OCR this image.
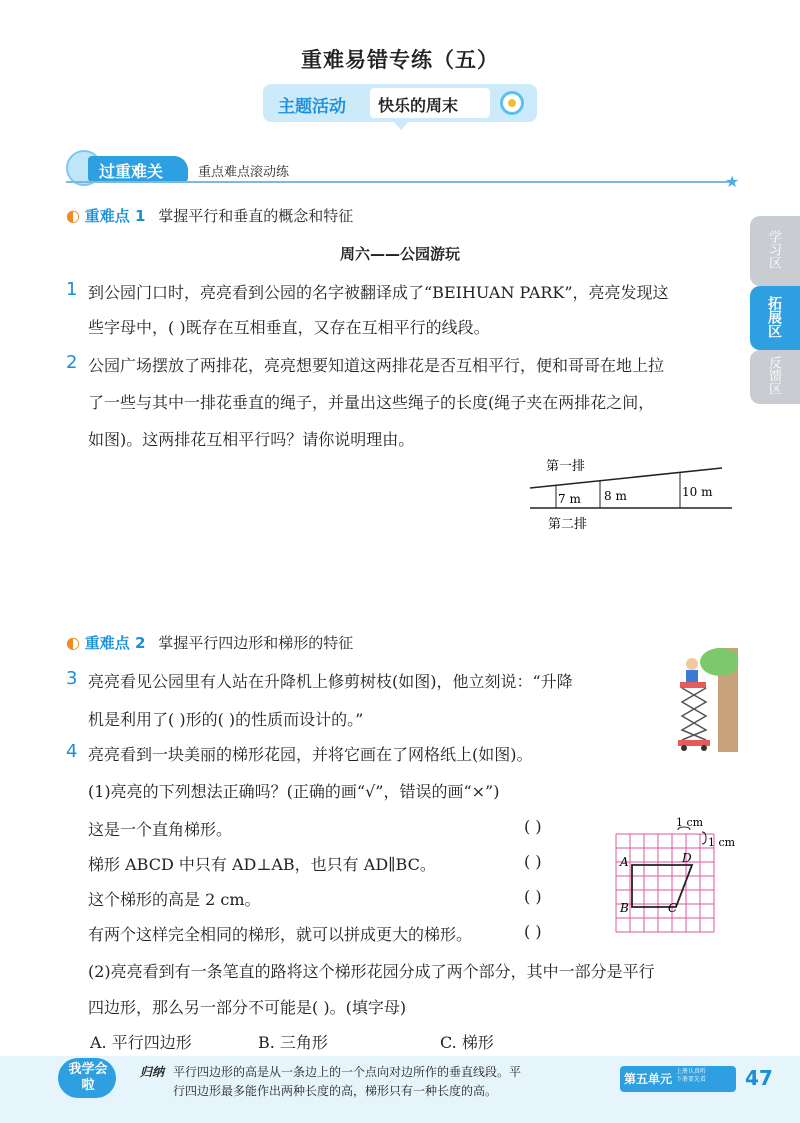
重难易错专练（五）
主题活动 快乐的周末
过重难关	重点难点滚动练	★
学习区
拓展区
反馈区
◐ 重难点 1 掌握平行和垂直的概念和特征
周六——公园游玩
1 到公园门口时，亮亮看到公园的名字被翻译成了“BEIHUAN PARK”，亮亮发现这
些字母中，( )既存在互相垂直，又存在互相平行的线段。
2 公园广场摆放了两排花，亮亮想要知道这两排花是否互相平行，便和哥哥在地上拉
了一些与其中一排花垂直的绳子，并量出这些绳子的长度(绳子夹在两排花之间，
如图)。这两排花互相平行吗？请你说明理由。
第一排
第二排
7 m 8 m	10 m
◐ 重难点 2 掌握平行四边形和梯形的特征
3 亮亮看见公园里有人站在升降机上修剪树枝(如图)，他立刻说：“升降
机是利用了( )形的( )的性质而设计的。”
4 亮亮看到一块美丽的梯形花园，并将它画在了网格纸上(如图)。
(1)亮亮的下列想法正确吗？(正确的画“√”，错误的画“×”)
这是一个直角梯形。	( )
梯形 ABCD 中只有 AD⊥AB，也只有 AD∥BC。	( )
这个梯形的高是 2 cm。	( )
有两个这样完全相同的梯形，就可以拼成更大的梯形。	( )
(2)亮亮看到有一条笔直的路将这个梯形花园分成了两个部分，其中一部分是平行
四边形，那么另一部分不可能是( )。(填字母)
A. 平行四边形	B. 三角形	C. 梯形
A	D
B	C
1 cm
1 cm
我学会啦
归纳 平行四边形的高是从一条边上的一个点向对边所作的垂直线段。平
行四边形最多能作出两种长度的高，梯形只有一种长度的高。
第五单元
上册认真听
下册要先看 47
